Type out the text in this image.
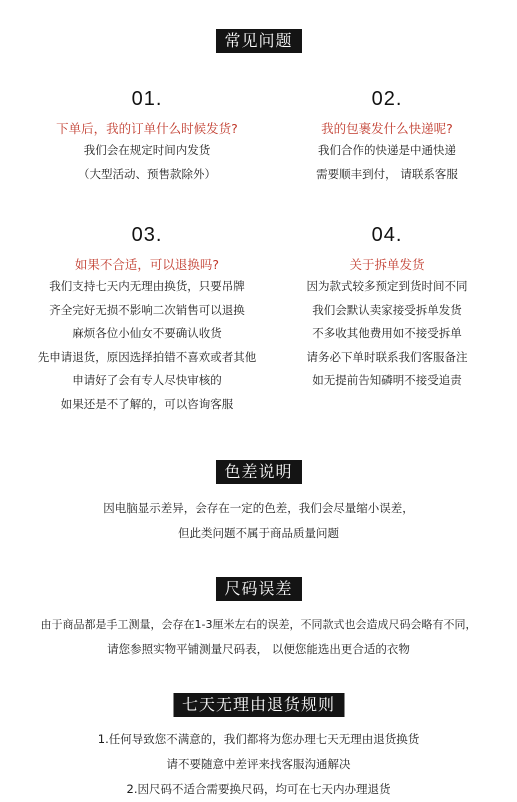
常见问题
01.
下单后，我的订单什么时候发货?
我们会在规定时间内发货
（大型活动、预售款除外）
02.
我的包裹发什么快递呢?
我们合作的快递是中通快递
需要顺丰到付， 请联系客服
03.
如果不合适，可以退换吗?
我们支持七天内无理由换货，只要吊牌
齐全完好无损不影响二次销售可以退换
麻烦各位小仙女不要确认收货
先申请退货，原因选择拍错不喜欢或者其他
申请好了会有专人尽快审核的
如果还是不了解的，可以咨询客服
04.
关于拆单发货
因为款式较多预定到货时间不同
我们会默认卖家接受拆单发货
不多收其他费用如不接受拆单
请务必下单时联系我们客服备注
如无提前告知磷明不接受追责
色差说明
因电脑显示差异，会存在一定的色差，我们会尽量缩小误差，
但此类问题不属于商品质量问题
尺码误差
由于商品都是手工测量，会存在1-3厘米左右的误差，不同款式也会造成尺码会略有不同，
请您参照实物平铺测量尺码表， 以便您能选出更合适的衣物
七天无理由退货规则
1.任何导致您不满意的，我们都将为您办理七天无理由退货换货
请不要随意中差评来找客服沟通解决
2.因尺码不适合需要换尺码，均可在七天内办理退货
